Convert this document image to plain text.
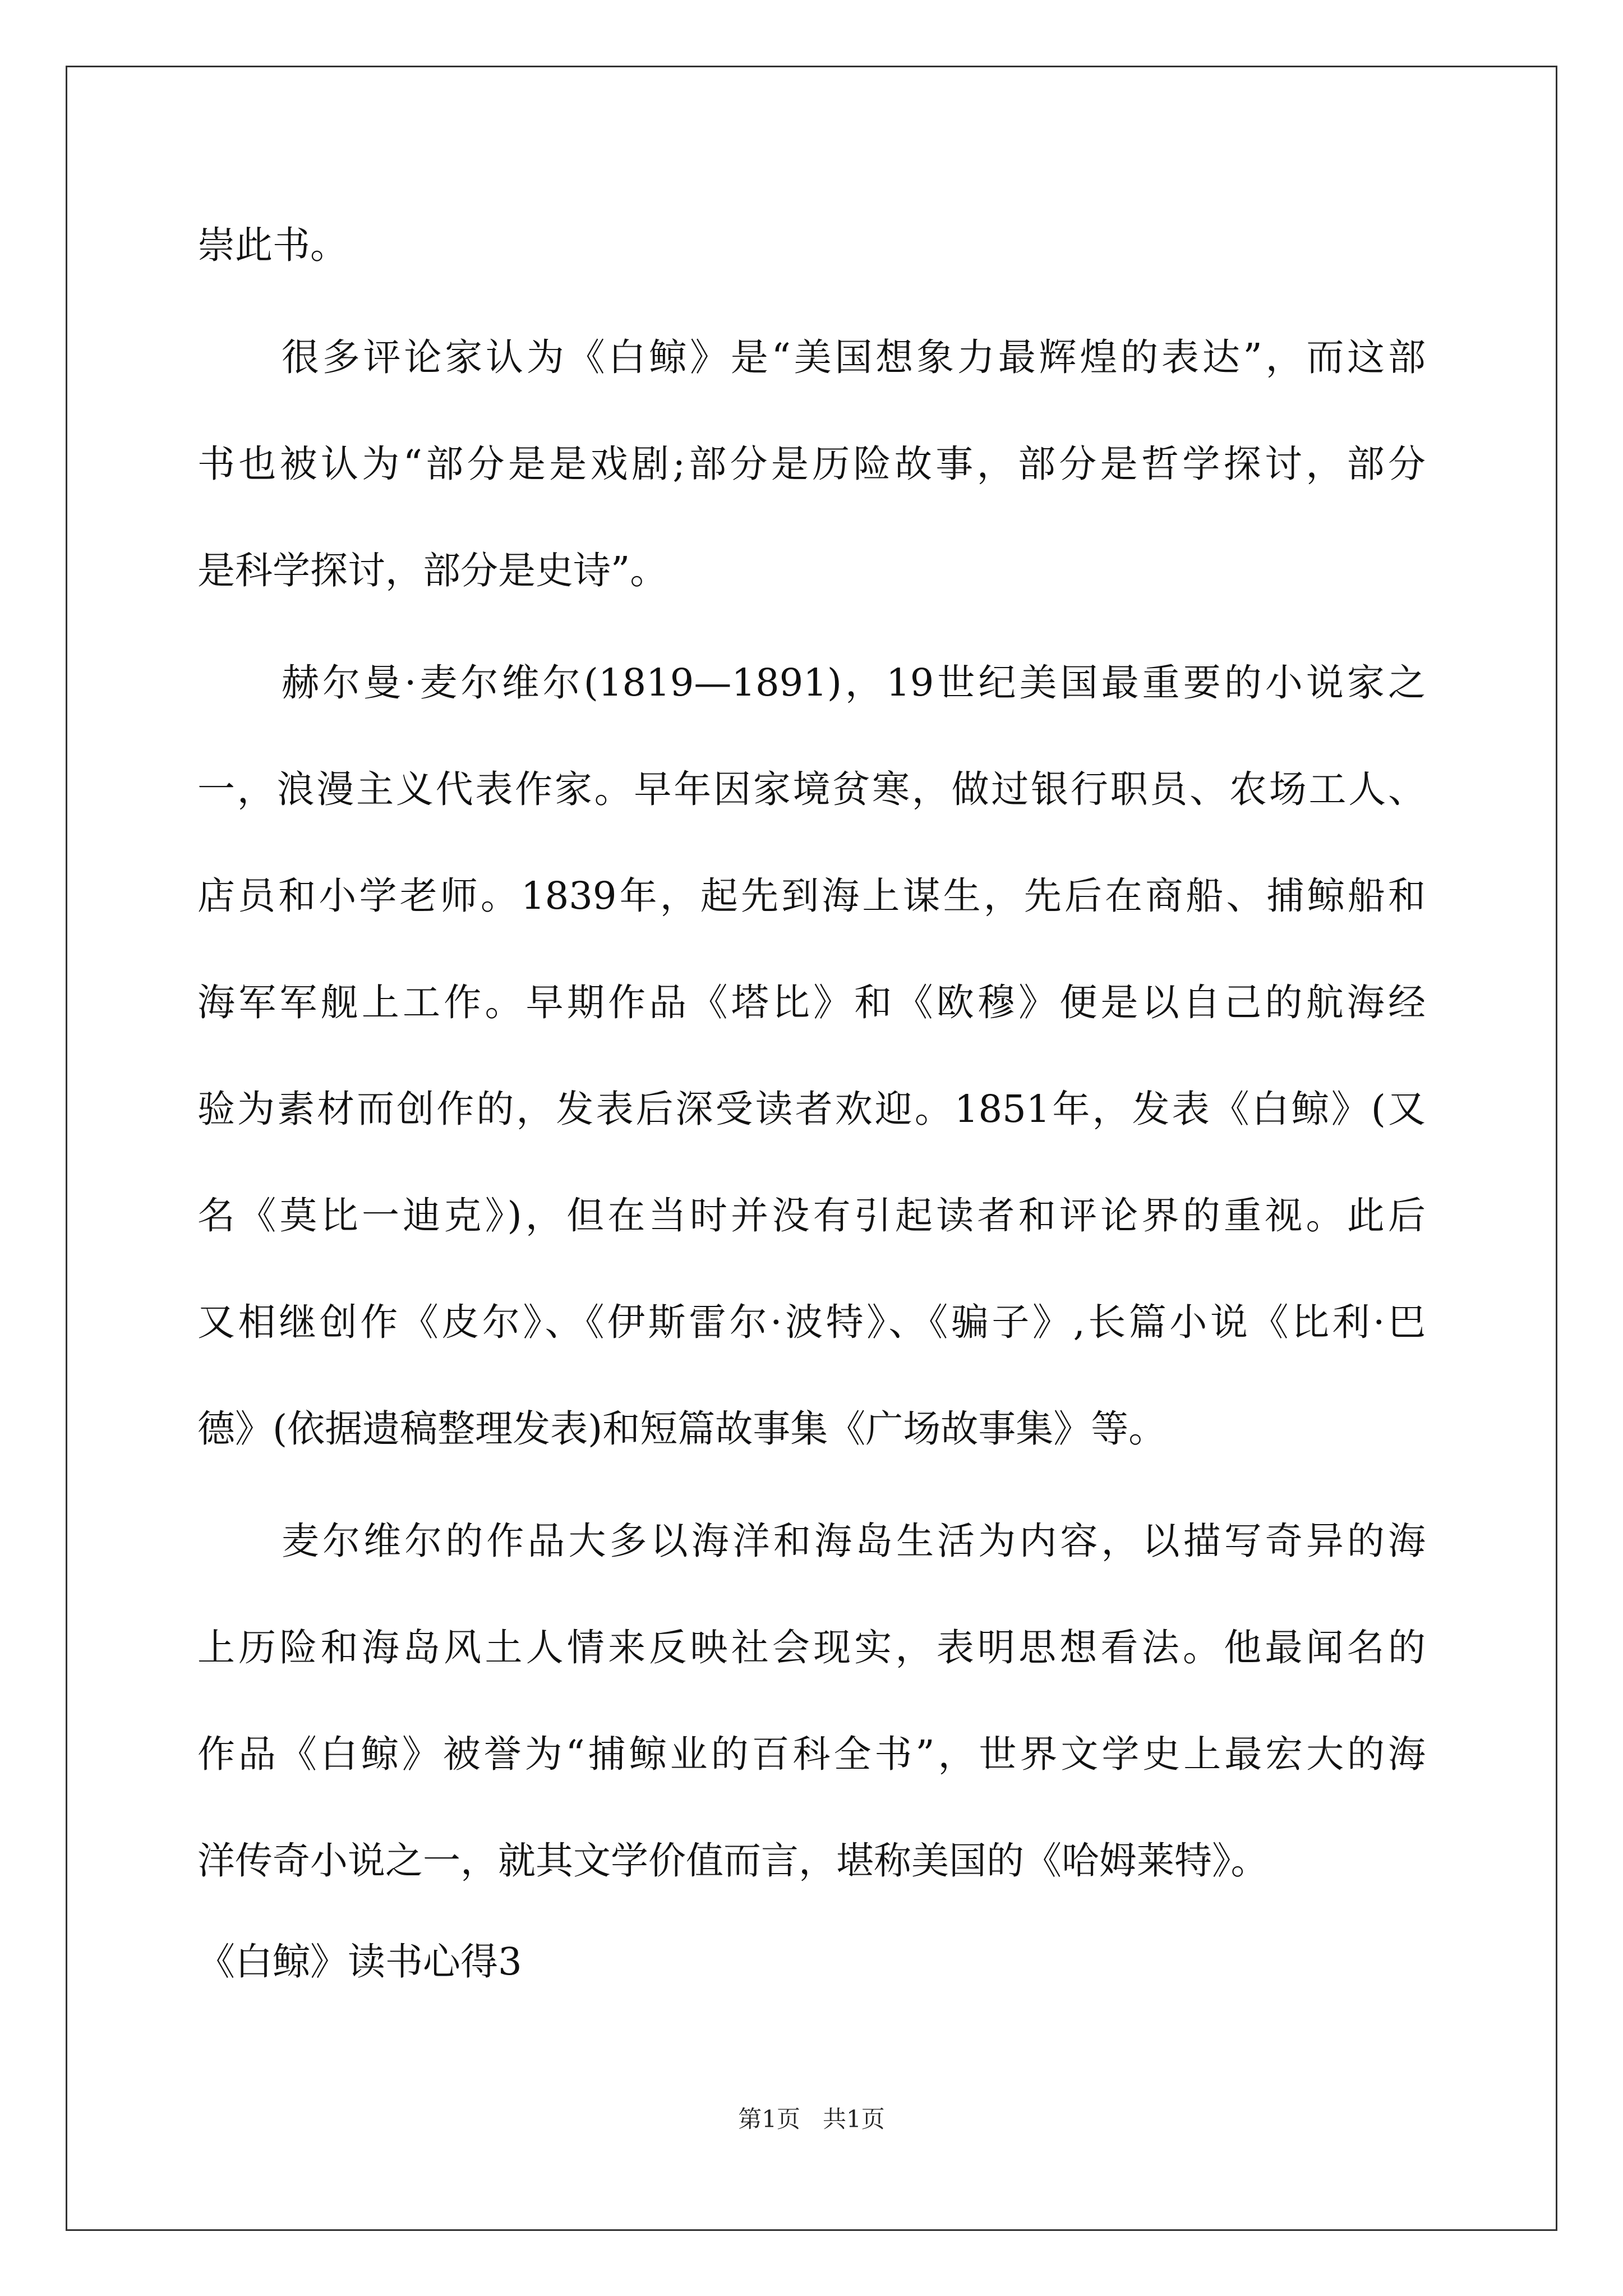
崇此书。

很多评论家认为《白鲸》是“美国想象力最辉煌的表达”，而这部

书也被认为“部分是是戏剧;部分是历险故事，部分是哲学探讨，部分

是科学探讨，部分是史诗”。

赫尔曼·麦尔维尔(1819—1891)，19世纪美国最重要的小说家之

一，浪漫主义代表作家。早年因家境贫寒，做过银行职员、农场工人、

店员和小学老师。1839年，起先到海上谋生，先后在商船、捕鲸船和

海军军舰上工作。早期作品《塔比》和《欧穆》便是以自己的航海经

验为素材而创作的，发表后深受读者欢迎。1851年，发表《白鲸》(又

名《莫比一迪克》)，但在当时并没有引起读者和评论界的重视。此后

又相继创作《皮尔》、《伊斯雷尔·波特》、《骗子》,长篇小说《比利·巴

德》(依据遗稿整理发表)和短篇故事集《广场故事集》等。

麦尔维尔的作品大多以海洋和海岛生活为内容，以描写奇异的海

上历险和海岛风土人情来反映社会现实，表明思想看法。他最闻名的

作品《白鲸》被誉为“捕鲸业的百科全书”，世界文学史上最宏大的海

洋传奇小说之一，就其文学价值而言，堪称美国的《哈姆莱特》。

《白鲸》读书心得3

第1页   共1页
